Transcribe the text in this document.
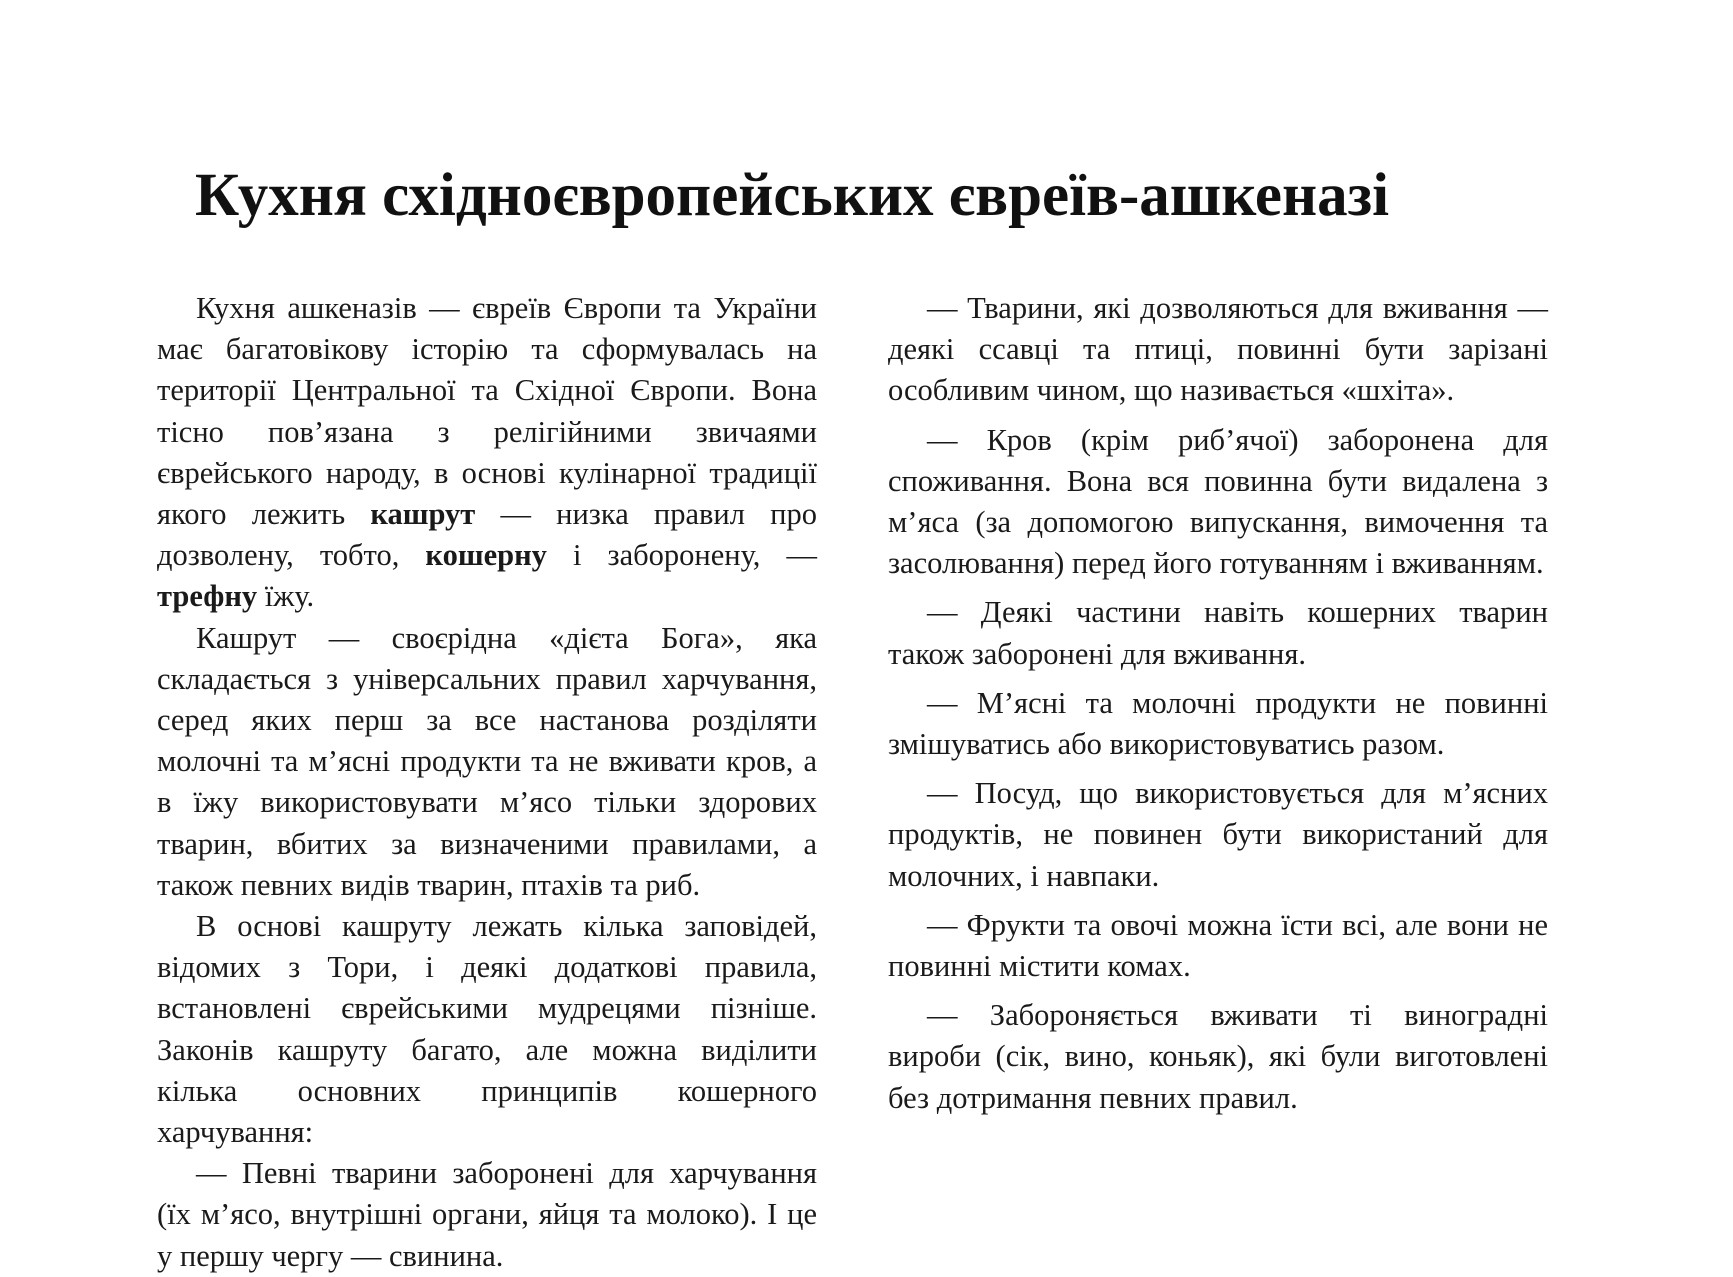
Кухня східноєвропейських євреїв-ашкеназі

Кухня ашкеназів — євреїв Європи та України має багатовікову історію та сформувалась на території Центральної та Східної Європи. Вона тісно пов’язана з релігійними звичаями єврейського народу, в основі кулінарної традиції якого лежить кашрут — низка правил про дозволену, тобто, кошерну і заборонену, — трефну їжу.

Кашрут — своєрідна «дієта Бога», яка складається з універсальних правил харчування, серед яких перш за все настанова розділяти молочні та м’ясні продукти та не вживати кров, а в їжу використовувати м’ясо тільки здорових тварин, вбитих за визначеними правилами, а також певних видів тварин, птахів та риб.

В основі кашруту лежать кілька заповідей, відомих з Тори, і деякі додаткові правила, встановлені єврейськими мудрецями пізніше. Законів кашруту багато, але можна виділити кілька основних принципів кошерного харчування:

— Певні тварини заборонені для харчування (їх м’ясо, внутрішні органи, яйця та молоко). І це у першу чергу — свинина.

— Тварини, які дозволяються для вживання — деякі ссавці та птиці, повинні бути зарізані особливим чином, що називається «шхіта».

— Кров (крім риб’ячої) заборонена для споживання. Вона вся повинна бути видалена з м’яса (за допомогою випускання, вимочення та засолювання) перед його готуванням і вживанням.

— Деякі частини навіть кошерних тварин також заборонені для вживання.

— М’ясні та молочні продукти не повинні змішуватись або використовуватись разом.

— Посуд, що використовується для м’ясних продуктів, не повинен бути використаний для молочних, і навпаки.

— Фрукти та овочі можна їсти всі, але вони не повинні містити комах.

— Забороняється вживати ті виноградні вироби (сік, вино, коньяк), які були виготовлені без дотримання певних правил.
